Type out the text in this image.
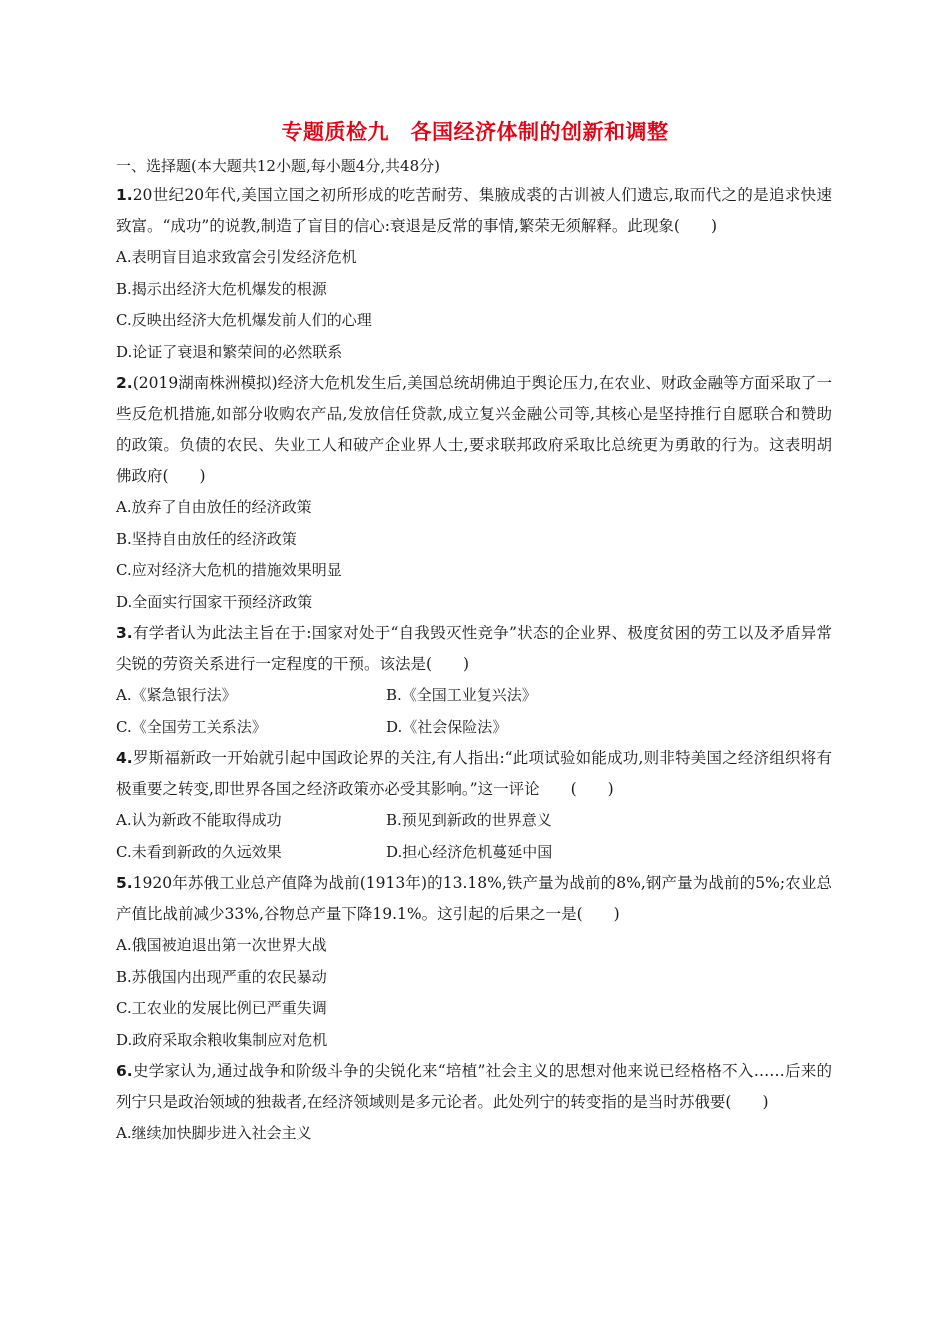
专题质检九　各国经济体制的创新和调整
一、选择题(本大题共12小题,每小题4分,共48分)

1.20世纪20年代,美国立国之初所形成的吃苦耐劳、集腋成裘的古训被人们遗忘,取而代之的是追求快速致富。“成功”的说教,制造了盲目的信心:衰退是反常的事情,繁荣无须解释。此现象(　　)

A.表明盲目追求致富会引发经济危机
B.揭示出经济大危机爆发的根源
C.反映出经济大危机爆发前人们的心理
D.论证了衰退和繁荣间的必然联系

2.(2019湖南株洲模拟)经济大危机发生后,美国总统胡佛迫于舆论压力,在农业、财政金融等方面采取了一些反危机措施,如部分收购农产品,发放信任贷款,成立复兴金融公司等,其核心是坚持推行自愿联合和赞助的政策。负债的农民、失业工人和破产企业界人士,要求联邦政府采取比总统更为勇敢的行为。这表明胡佛政府(　　)

A.放弃了自由放任的经济政策
B.坚持自由放任的经济政策
C.应对经济大危机的措施效果明显
D.全面实行国家干预经济政策

3.有学者认为此法主旨在于:国家对处于“自我毁灭性竞争”状态的企业界、极度贫困的劳工以及矛盾异常尖锐的劳资关系进行一定程度的干预。该法是(　　)

A.《紧急银行法》	B.《全国工业复兴法》
C.《全国劳工关系法》	D.《社会保险法》

4.罗斯福新政一开始就引起中国政论界的关注,有人指出:“此项试验如能成功,则非特美国之经济组织将有极重要之转变,即世界各国之经济政策亦必受其影响。”这一评论　　(　　)

A.认为新政不能取得成功	B.预见到新政的世界意义
C.未看到新政的久远效果	D.担心经济危机蔓延中国

5.1920年苏俄工业总产值降为战前(1913年)的13.18%,铁产量为战前的8%,钢产量为战前的5%;农业总产值比战前减少33%,谷物总产量下降19.1%。这引起的后果之一是(　　)

A.俄国被迫退出第一次世界大战
B.苏俄国内出现严重的农民暴动
C.工农业的发展比例已严重失调
D.政府采取余粮收集制应对危机

6.史学家认为,通过战争和阶级斗争的尖锐化来“培植”社会主义的思想对他来说已经格格不入……后来的列宁只是政治领域的独裁者,在经济领域则是多元论者。此处列宁的转变指的是当时苏俄要(　　)

A.继续加快脚步进入社会主义
